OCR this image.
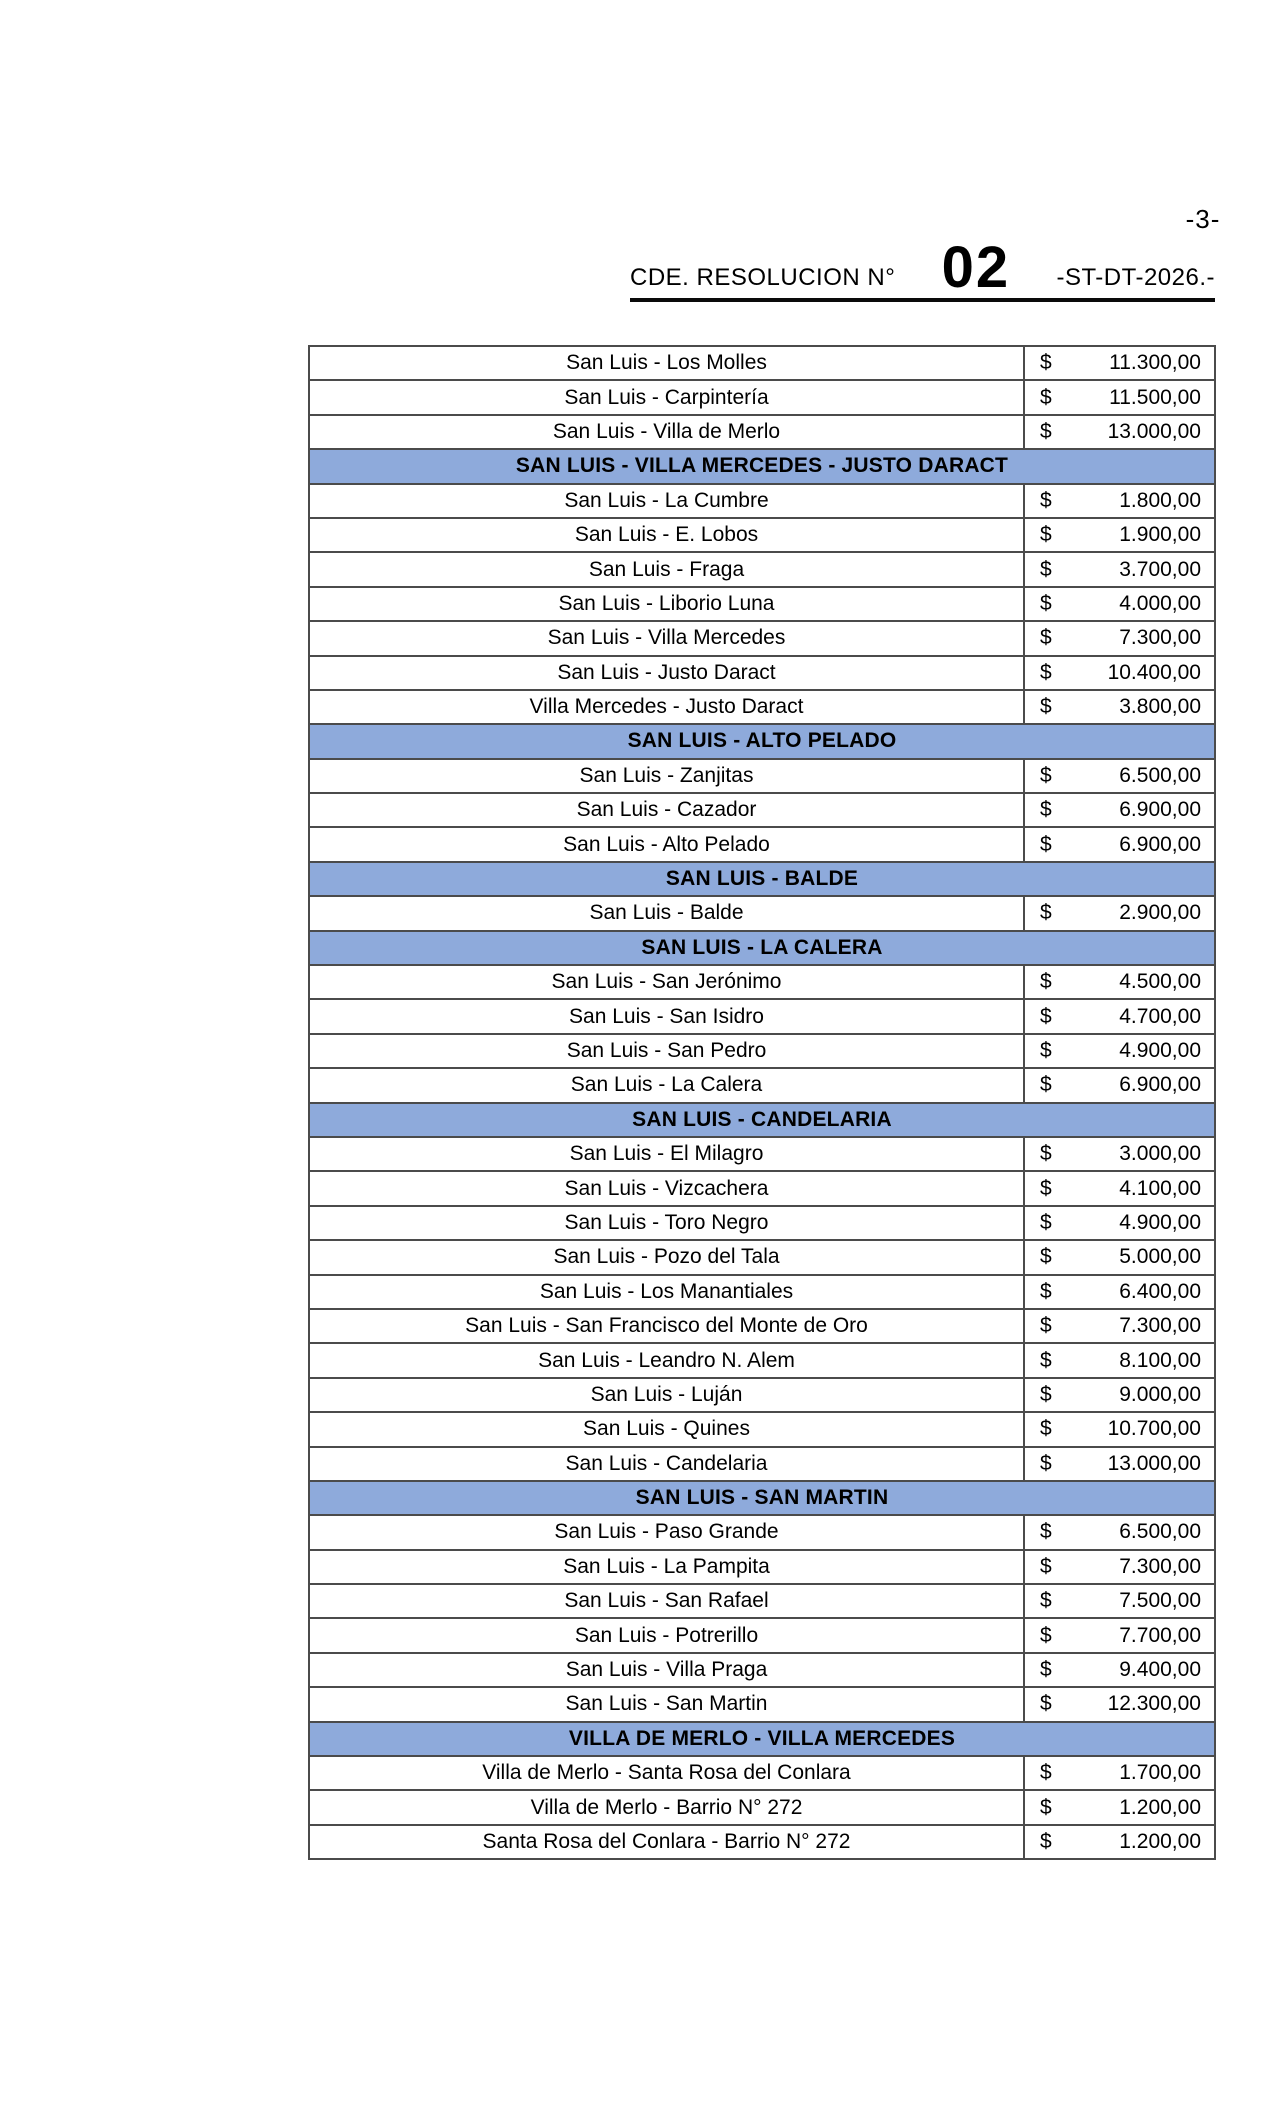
-3-
CDE. RESOLUCION N° 02 -ST-DT-2026.-
San Luis - Los Molles	$ 11.300,00

San Luis - Carpintería	$ 11.500,00

San Luis - Villa de Merlo	$ 13.000,00

SAN LUIS - VILLA MERCEDES - JUSTO DARACT	
San Luis - La Cumbre	$ 1.800,00

San Luis - E. Lobos	$ 1.900,00

San Luis - Fraga	$ 3.700,00

San Luis - Liborio Luna	$ 4.000,00

San Luis - Villa Mercedes	$ 7.300,00

San Luis - Justo Daract	$ 10.400,00

Villa Mercedes - Justo Daract	$ 3.800,00

SAN LUIS - ALTO PELADO	
San Luis - Zanjitas	$ 6.500,00

San Luis - Cazador	$ 6.900,00

San Luis - Alto Pelado	$ 6.900,00

SAN LUIS - BALDE	
San Luis - Balde	$ 2.900,00

SAN LUIS - LA CALERA	
San Luis - San Jerónimo	$ 4.500,00

San Luis - San Isidro	$ 4.700,00

San Luis - San Pedro	$ 4.900,00

San Luis - La Calera	$ 6.900,00

SAN LUIS - CANDELARIA	
San Luis - El Milagro	$ 3.000,00

San Luis - Vizcachera	$ 4.100,00

San Luis - Toro Negro	$ 4.900,00

San Luis - Pozo del Tala	$ 5.000,00

San Luis - Los Manantiales	$ 6.400,00

San Luis - San Francisco del Monte de Oro	$ 7.300,00

San Luis - Leandro N. Alem	$ 8.100,00

San Luis - Luján	$ 9.000,00

San Luis - Quines	$ 10.700,00

San Luis - Candelaria	$ 13.000,00

SAN LUIS - SAN MARTIN	
San Luis - Paso Grande	$ 6.500,00

San Luis - La Pampita	$ 7.300,00

San Luis - San Rafael	$ 7.500,00

San Luis - Potrerillo	$ 7.700,00

San Luis - Villa Praga	$ 9.400,00

San Luis - San Martin	$ 12.300,00

VILLA DE MERLO - VILLA MERCEDES	
Villa de Merlo - Santa Rosa del Conlara	$ 1.700,00

Villa de Merlo - Barrio N° 272	$ 1.200,00

Santa Rosa del Conlara - Barrio N° 272	$ 1.200,00
